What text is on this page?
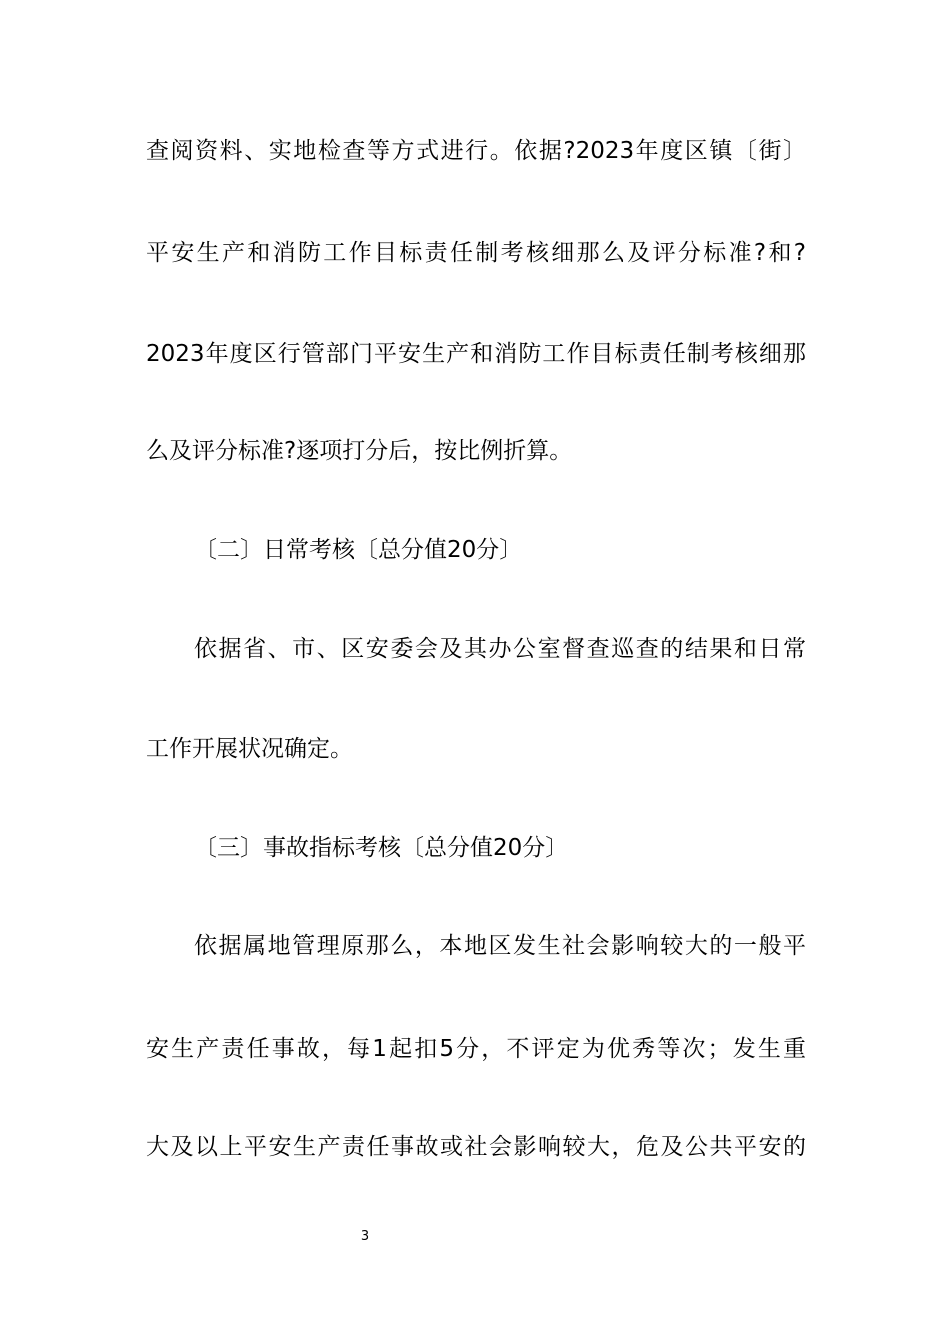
查阅资料、实地检查等方式进行。依据?2023年度区镇〔街〕
平安生产和消防工作目标责任制考核细那么及评分标准?和?
2023年度区行管部门平安生产和消防工作目标责任制考核细那
么及评分标准?逐项打分后，按比例折算。
〔二〕日常考核〔总分值20分〕
依据省、市、区安委会及其办公室督查巡查的结果和日常
工作开展状况确定。
〔三〕事故指标考核〔总分值20分〕
依据属地管理原那么，本地区发生社会影响较大的一般平
安生产责任事故，每1起扣5分，不评定为优秀等次；发生重
大及以上平安生产责任事故或社会影响较大，危及公共平安的
3
